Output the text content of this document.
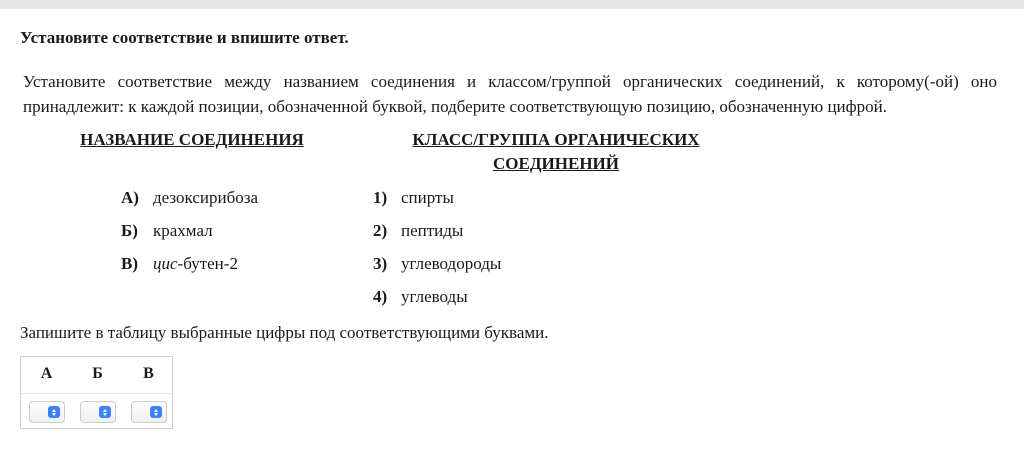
Установите соответствие и впишите ответ.
Установите соответствие между названием соединения и классом/группой органических соединений, к которому(-ой) оно принадлежит: к каждой позиции, обозначенной буквой, подберите соответствующую позицию, обозначенную цифрой.
НАЗВАНИЕ СОЕДИНЕНИЯ	КЛАСС/ГРУППА ОРГАНИЧЕСКИХ
СОЕДИНЕНИЙ
А) дезоксирибоза
Б) крахмал
В) цис-бутен-2
1) спирты
2) пептиды
3) углеводороды
4) углеводы
Запишите в таблицу выбранные цифры под соответствующими буквами.
А	Б	В
